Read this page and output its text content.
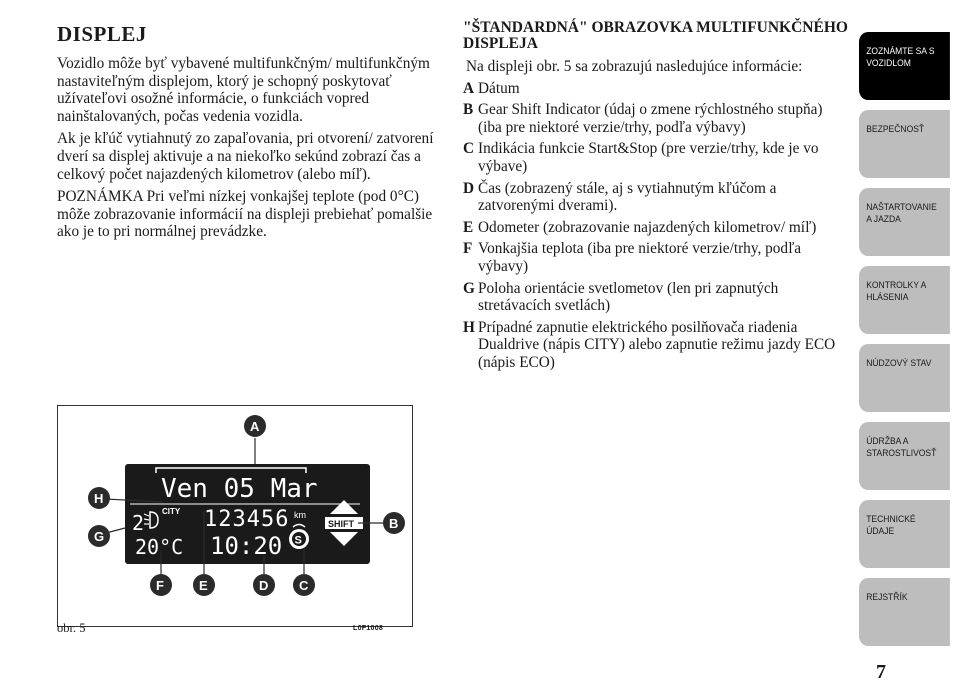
DISPLEJ

Vozidlo môže byť vybavené multifunkčným/ multifunkčným nastaviteľným displejom, ktorý je schopný poskytovať užívateľovi osožné informácie, o funkciách vopred nainštalovaných, počas vedenia vozidla.

Ak je kľúč vytiahnutý zo zapaľovania, pri otvorení/ zatvorení dverí sa displej aktivuje a na niekoľko sekúnd zobrazí čas a celkový počet najazdených kilometrov (alebo míľ).

POZNÁMKA Pri veľmi nízkej vonkajšej teplote (pod 0°C) môže zobrazovanie informácií na displeji prebiehať pomalšie ako je to pri normálnej prevádzke.

"ŠTANDARDNÁ" OBRAZOVKA MULTIFUNKČNÉHO DISPLEJA

Na displeji obr. 5 sa zobrazujú nasledujúce informácie:

A Dátum
B Gear Shift Indicator (údaj o zmene rýchlostného stupňa) (iba pre niektoré verzie/trhy, podľa výbavy)
C Indikácia funkcie Start&Stop (pre verzie/trhy, kde je vo výbave)
D Čas (zobrazený stále, aj s vytiahnutým kľúčom a zatvorenými dverami).
E Odometer (zobrazovanie najazdených kilometrov/ míľ)
F Vonkajšia teplota (iba pre niektoré verzie/trhy, podľa výbavy)
G Poloha orientácie svetlometov (len pri zapnutých stretávacích svetlách)
H Prípadné zapnutie elektrického posilňovača riadenia Dualdrive (nápis CITY) alebo zapnutie režimu jazdy ECO (nápis ECO)
Ven 05 Mar
2 CITY 123456 km
20°C 10:20 S
SHIFT
A
B
C
D
E
F
G
H
obr. 5	L0F1008
ZOZNÁMTE SA S
VOZIDLOM
BEZPEČNOSŤ
NAŠTARTOVANIE
A JAZDA
KONTROLKY A
HLÁSENIA
NÚDZOVÝ STAV
ÚDRŽBA A
STAROSTLIVOSŤ
TECHNICKÉ
ÚDAJE
REJSTŘÍK
7
